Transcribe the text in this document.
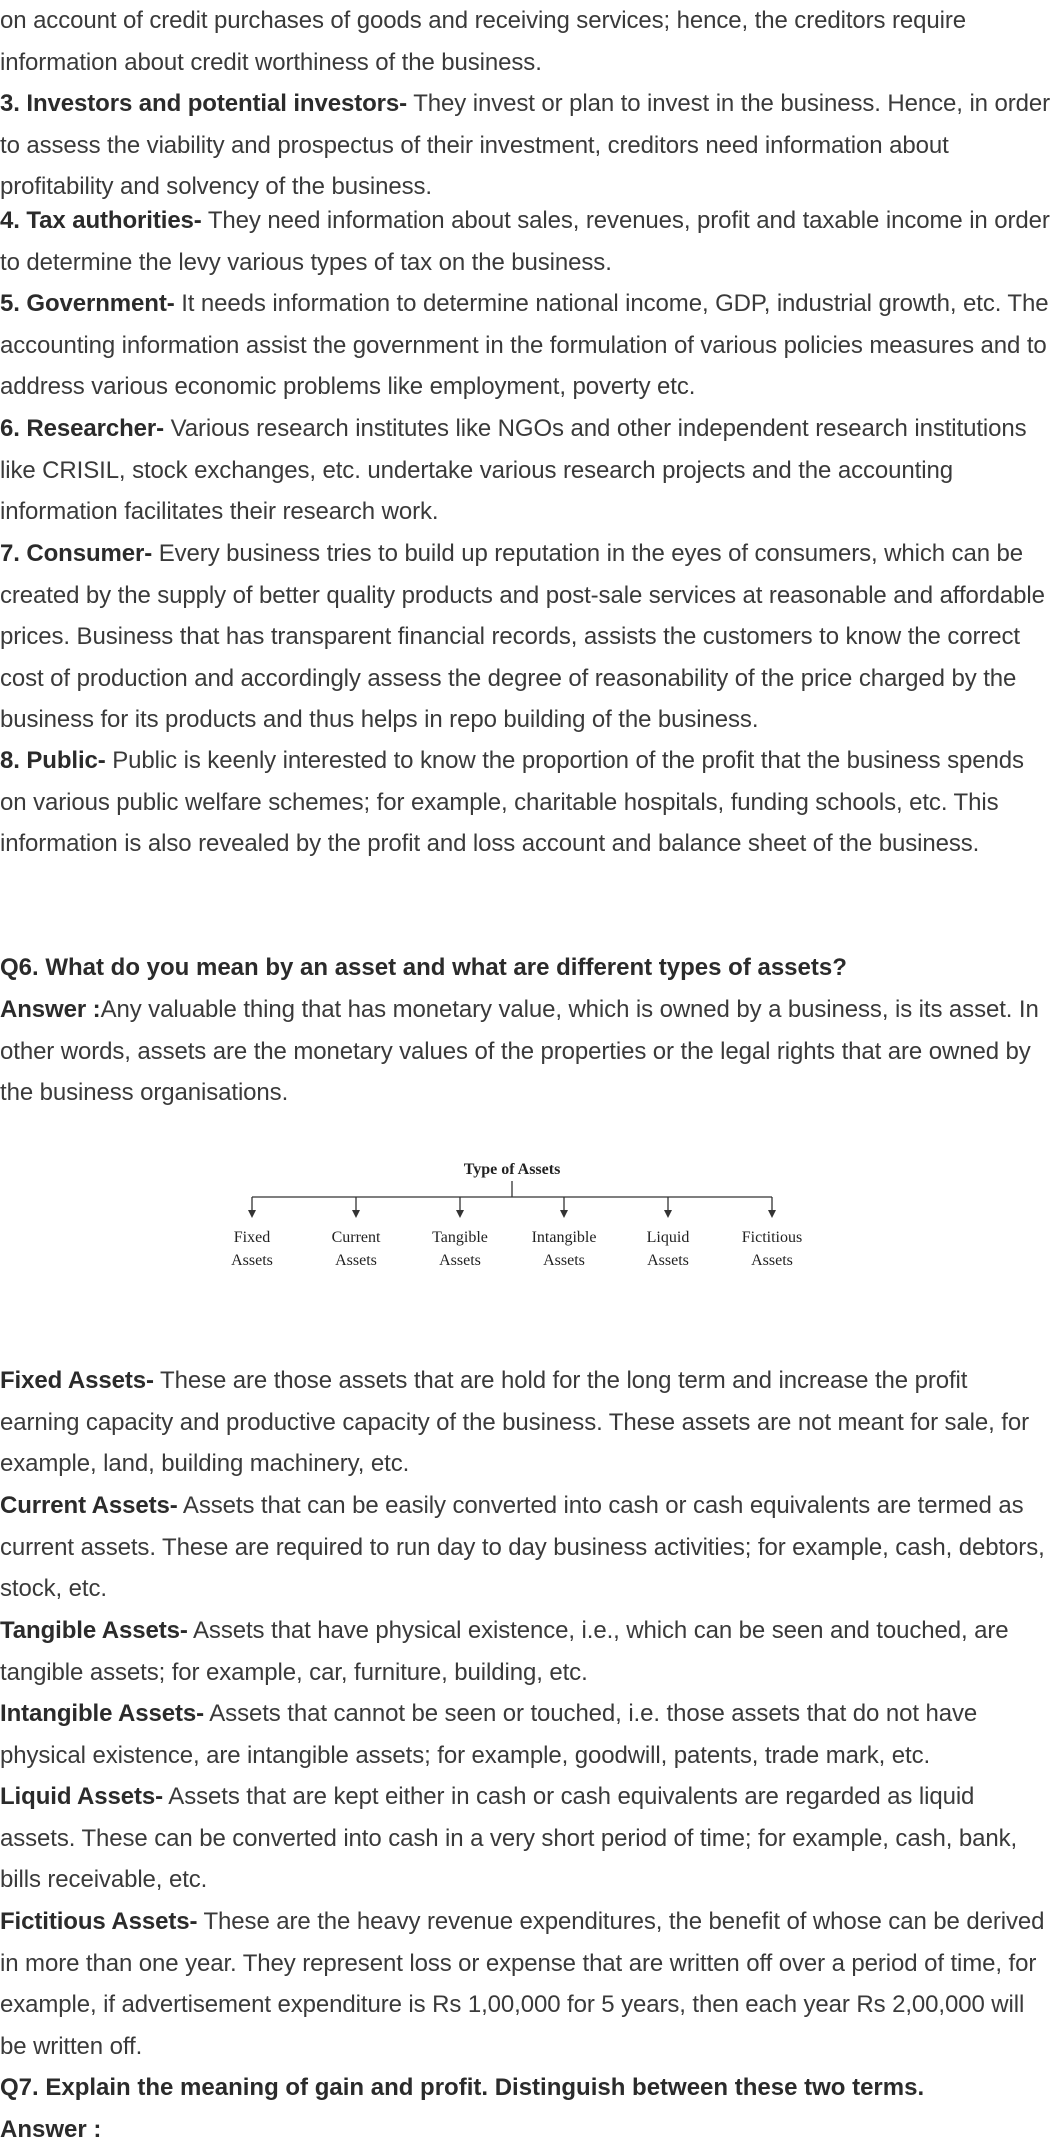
on account of credit purchases of goods and receiving services; hence, the creditors require information about credit worthiness of the business.

3. Investors and potential investors- They invest or plan to invest in the business. Hence, in order to assess the viability and prospectus of their investment, creditors need information about profitability and solvency of the business.

4. Tax authorities- They need information about sales, revenues, profit and taxable income in order to determine the levy various types of tax on the business.

5. Government- It needs information to determine national income, GDP, industrial growth, etc. The accounting information assist the government in the formulation of various policies measures and to address various economic problems like employment, poverty etc.

6. Researcher- Various research institutes like NGOs and other independent research institutions like CRISIL, stock exchanges, etc. undertake various research projects and the accounting information facilitates their research work.

7. Consumer- Every business tries to build up reputation in the eyes of consumers, which can be created by the supply of better quality products and post-sale services at reasonable and affordable prices. Business that has transparent financial records, assists the customers to know the correct cost of production and accordingly assess the degree of reasonability of the price charged by the business for its products and thus helps in repo building of the business.

8. Public- Public is keenly interested to know the proportion of the profit that the business spends on various public welfare schemes; for example, charitable hospitals, funding schools, etc. This information is also revealed by the profit and loss account and balance sheet of the business.

Q6. What do you mean by an asset and what are different types of assets?

Answer :Any valuable thing that has monetary value, which is owned by a business, is its asset. In other words, assets are the monetary values of the properties or the legal rights that are owned by the business organisations.

Type of Assets
Fixed
Assets
Current
Assets
Tangible
Assets
Intangible
Assets
Liquid
Assets
Fictitious
Assets

Fixed Assets- These are those assets that are hold for the long term and increase the profit earning capacity and productive capacity of the business. These assets are not meant for sale, for example, land, building machinery, etc.

Current Assets- Assets that can be easily converted into cash or cash equivalents are termed as current assets. These are required to run day to day business activities; for example, cash, debtors, stock, etc.

Tangible Assets- Assets that have physical existence, i.e., which can be seen and touched, are tangible assets; for example, car, furniture, building, etc.

Intangible Assets- Assets that cannot be seen or touched, i.e. those assets that do not have physical existence, are intangible assets; for example, goodwill, patents, trade mark, etc.

Liquid Assets- Assets that are kept either in cash or cash equivalents are regarded as liquid assets. These can be converted into cash in a very short period of time; for example, cash, bank, bills receivable, etc.

Fictitious Assets- These are the heavy revenue expenditures, the benefit of whose can be derived in more than one year. They represent loss or expense that are written off over a period of time, for example, if advertisement expenditure is Rs 1,00,000 for 5 years, then each year Rs 2,00,000 will be written off.

Q7. Explain the meaning of gain and profit. Distinguish between these two terms.

Answer :
